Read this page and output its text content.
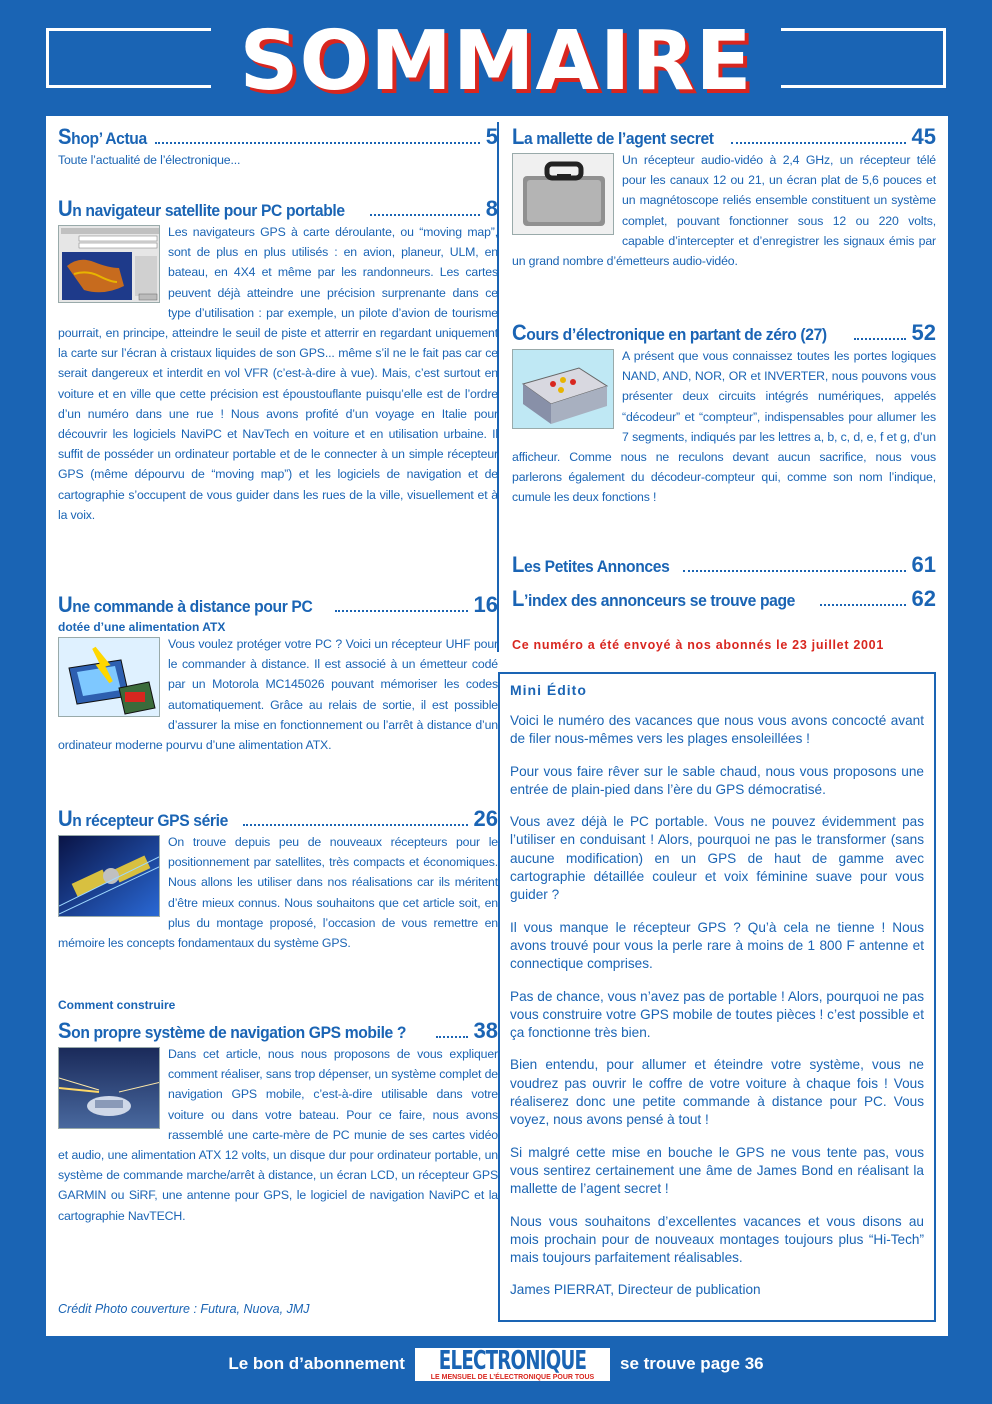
SOMMAIRE
Shop’ Actua	5
Toute l’actualité de l’électronique...
Un navigateur satellite pour PC portable	8
Les navigateurs GPS à carte déroulante, ou “moving map”, sont de plus en plus utilisés : en avion, planeur, ULM, en bateau, en 4X4 et même par les randonneurs. Les cartes peuvent déjà atteindre une précision surprenante dans ce type d’utilisation : par exemple, un pilote d’avion de tourisme pourrait, en principe, atteindre le seuil de piste et atterrir en regardant uniquement la carte sur l’écran à cristaux liquides de son GPS... même s’il ne le fait pas car ce serait dangereux et interdit en vol VFR (c’est-à-dire à vue). Mais, c’est surtout en voiture et en ville que cette précision est époustouflante puisqu’elle est de l’ordre d’un numéro dans une rue ! Nous avons profité d’un voyage en Italie pour découvrir les logiciels NaviPC et NavTech en voiture et en utilisation urbaine. Il suffit de posséder un ordinateur portable et de le connecter à un simple récepteur GPS (même dépourvu de “moving map”) et les logiciels de navigation et de cartographie s’occupent de vous guider dans les rues de la ville, visuellement et à la voix.
Une commande à distance pour PC	16
dotée d’une alimentation ATX
Vous voulez protéger votre PC ? Voici un récepteur UHF pour le commander à distance. Il est associé à un émetteur codé par un Motorola MC145026 pouvant mémoriser les codes automatiquement. Grâce au relais de sortie, il est possible d’assurer la mise en fonctionnement ou l’arrêt à distance d’un ordinateur moderne pourvu d’une alimentation ATX.
Un récepteur GPS série	26
On trouve depuis peu de nouveaux récepteurs pour le positionnement par satellites, très compacts et économiques. Nous allons les utiliser dans nos réalisations car ils méritent d’être mieux connus. Nous souhaitons que cet article soit, en plus du montage proposé, l’occasion de vous remettre en mémoire les concepts fondamentaux du système GPS.
Comment construire
Son propre système de navigation GPS mobile ?	38
Dans cet article, nous nous proposons de vous expliquer comment réaliser, sans trop dépenser, un système complet de navigation GPS mobile, c’est-à-dire utilisable dans votre voiture ou dans votre bateau. Pour ce faire, nous avons rassemblé une carte-mère de PC munie de ses cartes vidéo et audio, une alimentation ATX 12 volts, un disque dur pour ordinateur portable, un système de commande marche/arrêt à distance, un écran LCD, un récepteur GPS GARMIN ou SiRF, une antenne pour GPS, le logiciel de navigation NaviPC et la cartographie NavTECH.
La mallette de l’agent secret	45
Un récepteur audio-vidéo à 2,4 GHz, un récepteur télé pour les canaux 12 ou 21, un écran plat de 5,6 pouces et un magnétoscope reliés ensemble constituent un système complet, pouvant fonctionner sous 12 ou 220 volts, capable d’intercepter et d’enregistrer les signaux émis par un grand nombre d’émetteurs audio-vidéo.
Cours d’électronique en partant de zéro (27)	52
A présent que vous connaissez toutes les portes logiques NAND, AND, NOR, OR et INVERTER, nous pouvons vous présenter deux circuits intégrés numériques, appelés “décodeur” et “compteur”, indispensables pour allumer les 7 segments, indiqués par les lettres a, b, c, d, e, f et g, d’un afficheur. Comme nous ne reculons devant aucun sacrifice, nous vous parlerons également du décodeur-compteur qui, comme son nom l’indique, cumule les deux fonctions !
Les Petites Annonces	61
L’index des annonceurs se trouve page	62
Ce numéro a été envoyé à nos abonnés le 23 juillet 2001
Mini Édito

Voici le numéro des vacances que nous vous avons concocté avant de filer nous-mêmes vers les plages ensoleillées !

Pour vous faire rêver sur le sable chaud, nous vous proposons une entrée de plain-pied dans l’ère du GPS démocratisé.

Vous avez déjà le PC portable. Vous ne pouvez évidemment pas l’utiliser en conduisant ! Alors, pourquoi ne pas le transformer (sans aucune modification) en un GPS de haut de gamme avec cartographie détaillée couleur et voix féminine suave pour vous guider ?

Il vous manque le récepteur GPS ? Qu’à cela ne tienne ! Nous avons trouvé pour vous la perle rare à moins de 1 800 F antenne et connectique comprises.

Pas de chance, vous n’avez pas de portable ! Alors, pourquoi ne pas vous construire votre GPS mobile de toutes pièces ! c’est possible et ça fonctionne très bien.

Bien entendu, pour allumer et éteindre votre système, vous ne voudrez pas ouvrir le coffre de votre voiture à chaque fois ! Vous réaliserez donc une petite commande à distance pour PC. Vous voyez, nous avons pensé à tout !

Si malgré cette mise en bouche le GPS ne vous tente pas, vous vous sentirez certainement une âme de James Bond en réalisant la mallette de l’agent secret !

Nous vous souhaitons d’excellentes vacances et vous disons au mois prochain pour de nouveaux montages toujours plus “Hi-Tech” mais toujours parfaitement réalisables.

James PIERRAT, Directeur de publication

Crédit Photo couverture : Futura, Nuova, JMJ
Le bon d’abonnement ELECTRONIQUE
LE MENSUEL DE L’ÉLECTRONIQUE POUR TOUS
se trouve page 36
